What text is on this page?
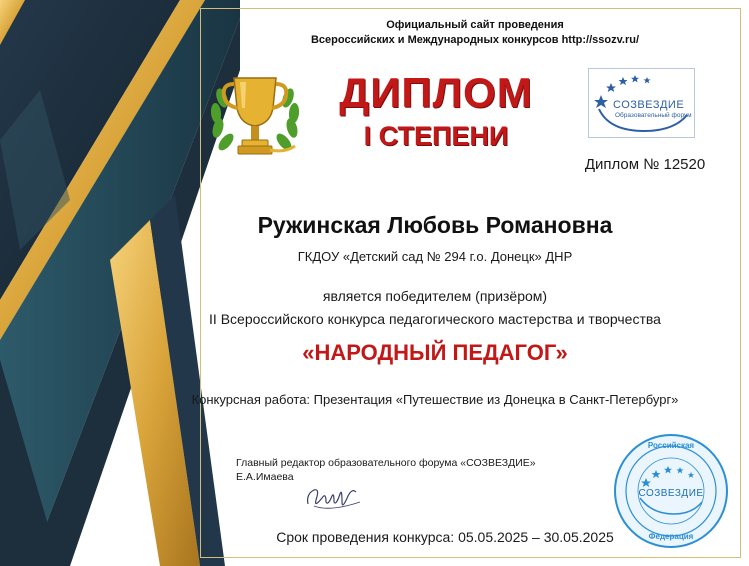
Официальный сайт проведения
Всероссийских и Международных конкурсов http://ssozv.ru/
ДИПЛОМ
I СТЕПЕНИ
СОЗВЕЗДИЕ
Образовательный форум
Диплом № 12520
Ружинская Любовь Романовна
ГКДОУ «Детский сад № 294 г.о. Донецк» ДНР
является победителем (призёром)
II Всероссийского конкурса педагогического мастерства и творчества
«НАРОДНЫЙ ПЕДАГОГ»
Конкурсная работа: Презентация «Путешествие из Донецка в Санкт-Петербург»
Главный редактор образовательного форума «СОЗВЕЗДИЕ»
Е.А.Имаева
Российская
СОЗВЕЗДИЕ
Федерация
Срок проведения конкурса: 05.05.2025 – 30.05.2025
